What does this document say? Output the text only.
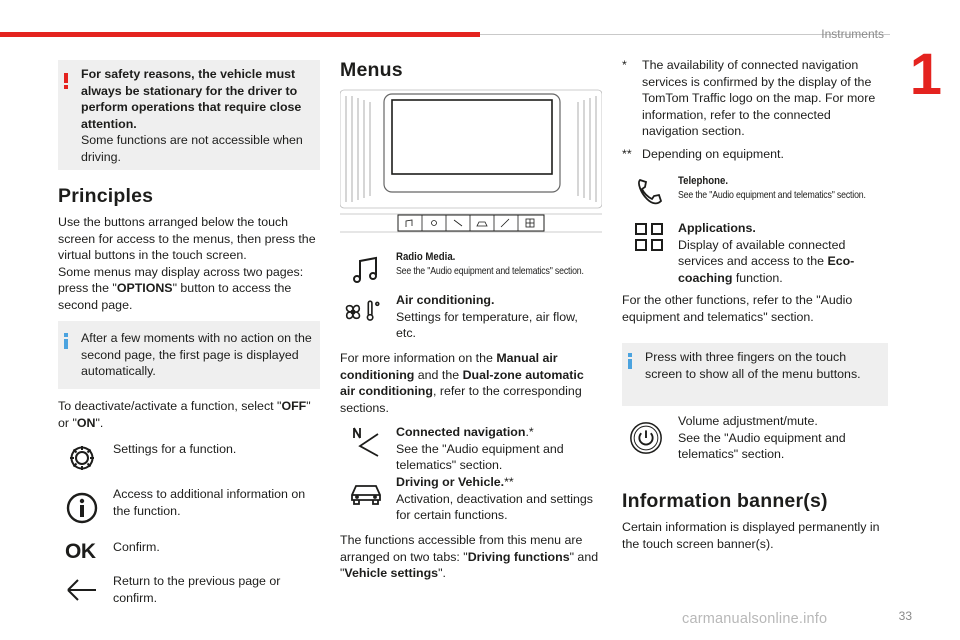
Instruments
1
33
carmanualsonline.info
For safety reasons, the vehicle must always be stationary for the driver to perform operations that require close attention.
Some functions are not accessible when driving.
Principles
Use the buttons arranged below the touch screen for access to the menus, then press the virtual buttons in the touch screen.
Some menus may display across two pages: press the "OPTIONS" button to access the second page.
After a few moments with no action on the second page, the first page is displayed automatically.
To deactivate/activate a function, select "OFF" or "ON".
Settings for a function.
Access to additional information on the function.
OK Confirm.
Return to the previous page or confirm.
Menus
Radio Media.
See the "Audio equipment and telematics" section.
Air conditioning.
Settings for temperature, air flow, etc.
For more information on the Manual air conditioning and the Dual-zone automatic air conditioning, refer to the corresponding sections.
Connected navigation.*
See the "Audio equipment and telematics" section.
Driving or Vehicle.**
Activation, deactivation and settings for certain functions.
The functions accessible from this menu are arranged on two tabs: "Driving functions" and "Vehicle settings".
*	The availability of connected navigation services is confirmed by the display of the TomTom Traffic logo on the map. For more information, refer to the connected navigation section.
** Depending on equipment.
Telephone.
See the "Audio equipment and telematics" section.
Applications.
Display of available connected services and access to the Eco-coaching function.
For the other functions, refer to the "Audio equipment and telematics" section.
Press with three fingers on the touch screen to show all of the menu buttons.
Volume adjustment/mute.
See the "Audio equipment and telematics" section.
Information banner(s)
Certain information is displayed permanently in the touch screen banner(s).
